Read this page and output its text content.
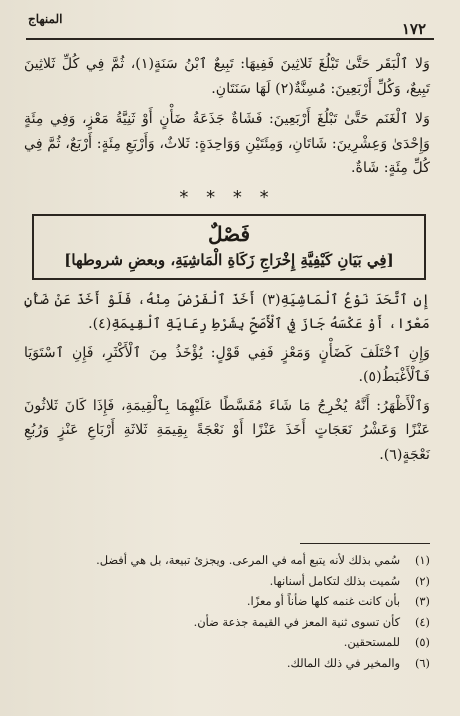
المنهاج
١٧٢

وَلا ٱلْبَقَر حَتَّىٰ تَبْلُغَ ثَلاثِينَ فَفِيهَا: تَبِيعٌ ٱبْنُ سَنَةٍ(١)، ثُمَّ فِي كُلِّ ثَلاثِينَ تَبِيعٌ، وَكُلِّ أَرْبَعِينَ: مُسِنَّةٌ(٢) لَهَا سَنَتَانِ.

وَلا ٱلْغَنَم حَتَّىٰ تَبْلُغَ أَرْبَعِينَ: فَشَاةٌ جَذَعَةُ ضَأْنٍ أَوْ ثَنِيَّةُ مَعْزٍ، وَفِي مِئَةٍ وَإِحْدَىٰ وَعِشْرِينَ: شَاتَانِ، وَمِئَتَيْنِ وَوَاحِدَةٍ: ثَلاثٌ، وَأَرْبَعِ مِئَةٍ: أَرْبَعٌ، ثُمَّ فِي كُلِّ مِئَةٍ: شَاةٌ.

* * * *
فَصْلٌ
[فِي بَيَانِ كَيْفِيَّةِ إِخْرَاجِ زَكَاةِ الْمَاشِيَةِ، وبعضِ شروطها]

إِنِ ٱتَّحَدَ نَوْعُ ٱلْمَاشِيَةِ(٣) أَخَذَ ٱلْفَرْضَ مِنْهُ، فَلَوْ أَخَذَ عَنْ ضَأْنٍ مَعْزًا، أَوْ عَكْسَهُ جَازَ فِي ٱلْأَصَحِّ بِشَرْطِ رِعَايَةِ ٱلْقِيمَةِ(٤).

وَإِنِ ٱخْتَلَفَ كَضَأْنٍ وَمَعْزٍ فَفِي قَوْلٍ: يُؤْخَذُ مِنَ ٱلْأَكْثَرِ، فَإِنِ ٱسْتَوَيَا فَٱلْأَغْبَطُ(٥).

وَٱلْأَظْهَرُ: أَنَّهُ يُخْرِجُ مَا شَاءَ مُقَسَّطًا عَلَيْهِمَا بِٱلْقِيمَةِ، فَإِذَا كَانَ ثَلاثُونَ عَنْزًا وَعَشْرُ نَعَجَاتٍ أَخَذَ عَنْزًا أَوْ نَعْجَةً بِقِيمَةِ ثَلاثَةِ أَرْبَاعِ عَنْزٍ وَرُبُعِ نَعْجَةٍ(٦).

(١)سُمي بذلك لأنه يتبع أمه في المرعى. ويجزئ تبيعة، بل هي أفضل.

(٢)سُميت بذلك لتكامل أسنانها.

(٣)بأن كانت غنمه كلها ضأناً أو معزًا.

(٤)كأن تسوى ثنية المعز في القيمة جذعة ضأن.

(٥)للمستحقين.

(٦)والمخير في ذلك المالك.
